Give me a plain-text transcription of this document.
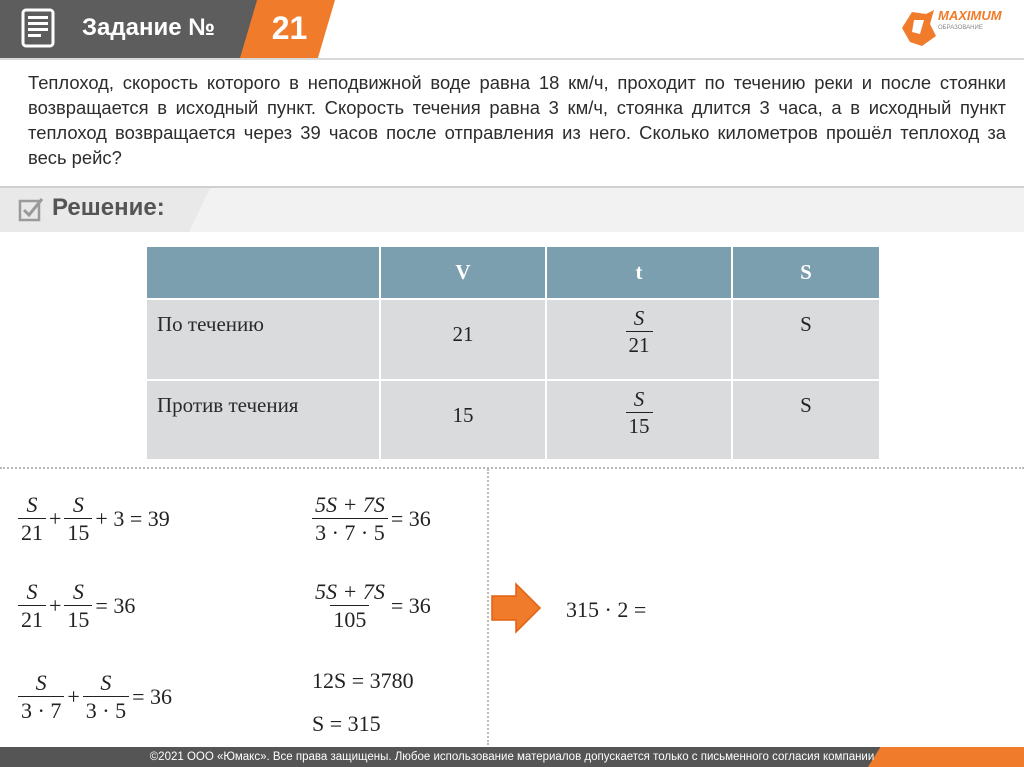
Задание №	21	MAXIMUM
ОБРАЗОВАНИЕ
Теплоход, скорость которого в неподвижной воде равна 18 км/ч, проходит по течению реки и после стоянки возвращается в исходный пункт. Скорость течения равна 3 км/ч, стоянка длится 3 часа, а в исходный пункт теплоход возвращается через 39 часов после отправления из него. Сколько километров прошёл теплоход за весь рейс?
Решение:
	V	t	S

По течению	21	$\frac{S}{21}$	S

Против течения	15	$\frac{S}{15}$	S
$\frac{S}{21} + \frac{S}{15} + 3 = 39$
$\frac{S}{21} + \frac{S}{15} = 36$
$\frac{S}{3 \cdot 7} + \frac{S}{3 \cdot 5} = 36$
$\frac{5S + 7S}{3 \cdot 7 \cdot 5} = 36$
$\frac{5S + 7S}{105} = 36$
12S = 3780
S = 315
315 · 2 =
©2021 ООО «Юмакс». Все права защищены. Любое использование материалов допускается только с письменного согласия компании
